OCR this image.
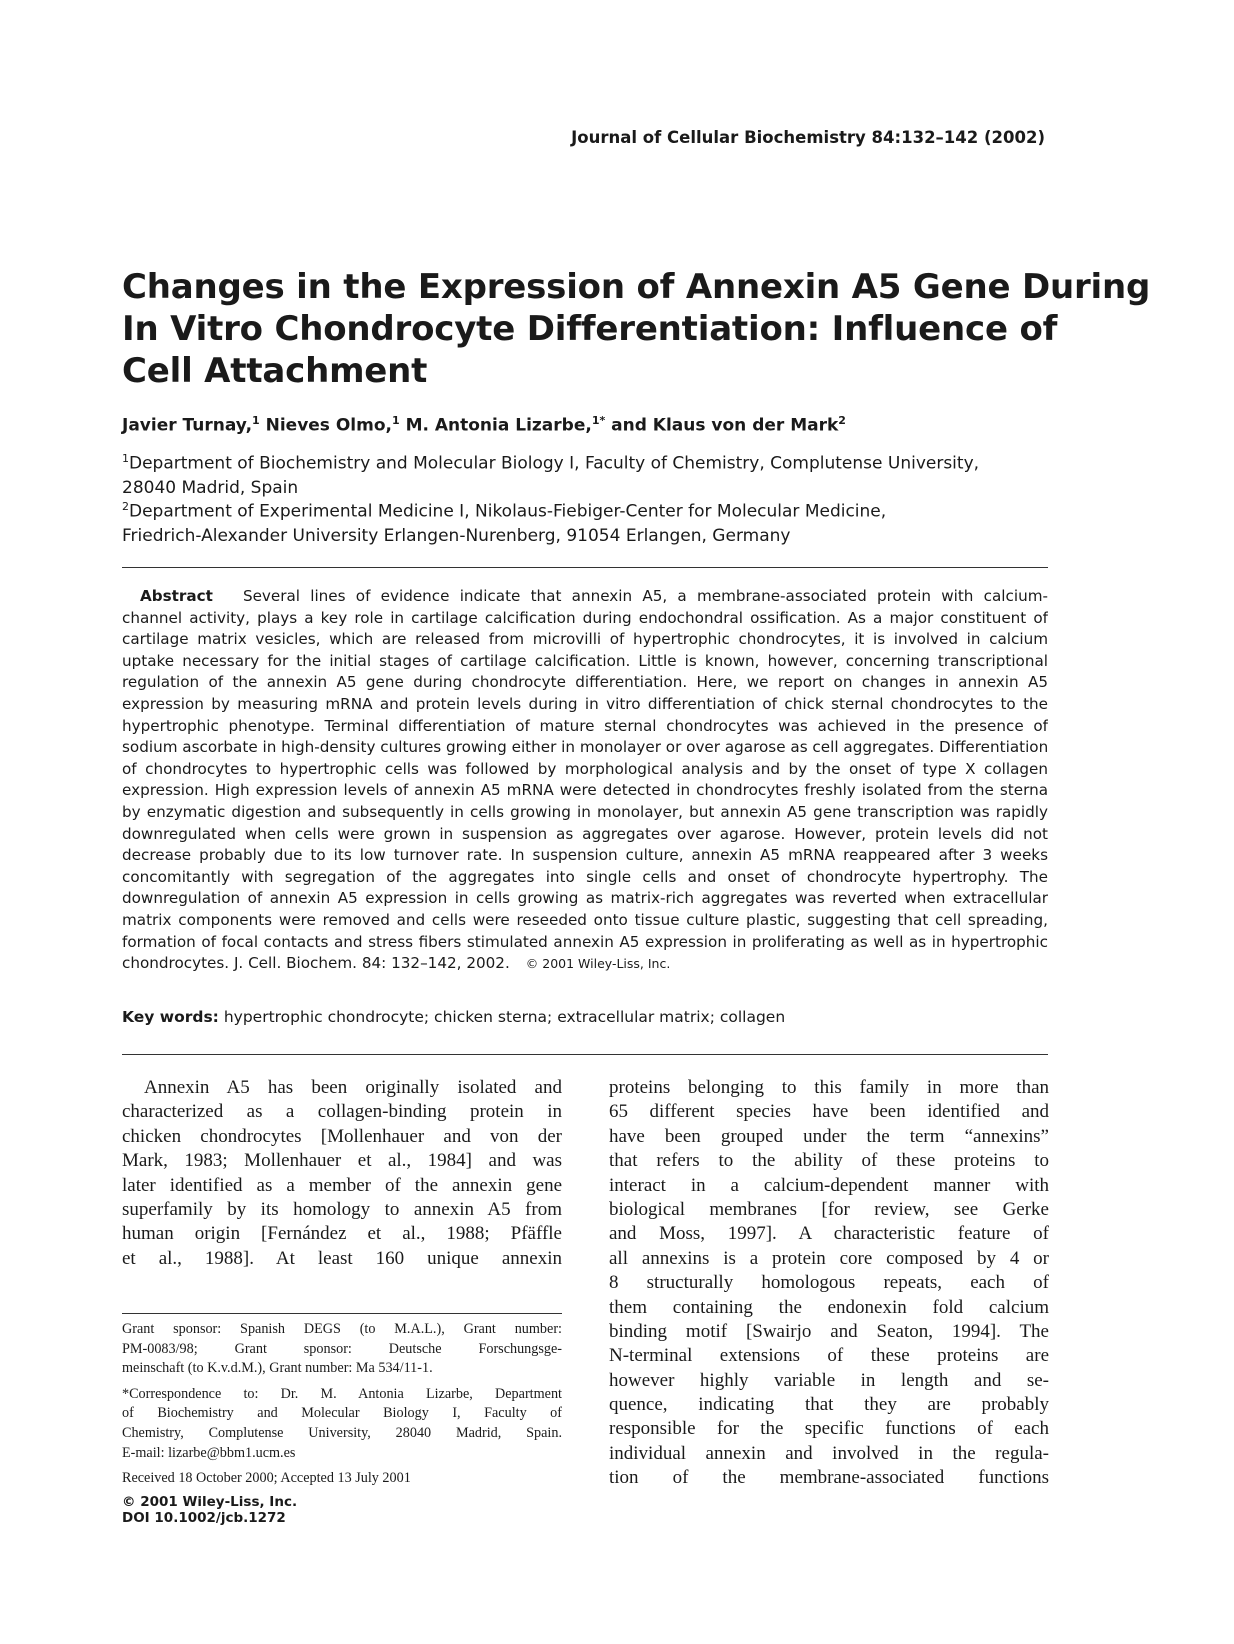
Journal of Cellular Biochemistry 84:132–142 (2002)
Changes in the Expression of Annexin A5 Gene During
In Vitro Chondrocyte Differentiation: Influence of
Cell Attachment
Javier Turnay,$^1$ Nieves Olmo,$^1$ M. Antonia Lizarbe,$^{1*}$ and Klaus von der Mark$^2$
$^1$Department of Biochemistry and Molecular Biology I, Faculty of Chemistry, Complutense University,
28040 Madrid, Spain
$^2$Department of Experimental Medicine I, Nikolaus-Fiebiger-Center for Molecular Medicine,
Friedrich-Alexander University Erlangen-Nurenberg, 91054 Erlangen, Germany
Abstract Several lines of evidence indicate that annexin A5, a membrane-associated protein with calcium-
channel activity, plays a key role in cartilage calcification during endochondral ossification. As a major constituent of
cartilage matrix vesicles, which are released from microvilli of hypertrophic chondrocytes, it is involved in calcium
uptake necessary for the initial stages of cartilage calcification. Little is known, however, concerning transcriptional
regulation of the annexin A5 gene during chondrocyte differentiation. Here, we report on changes in annexin A5
expression by measuring mRNA and protein levels during in vitro differentiation of chick sternal chondrocytes to the
hypertrophic phenotype. Terminal differentiation of mature sternal chondrocytes was achieved in the presence of
sodium ascorbate in high-density cultures growing either in monolayer or over agarose as cell aggregates. Differentiation
of chondrocytes to hypertrophic cells was followed by morphological analysis and by the onset of type X collagen
expression. High expression levels of annexin A5 mRNA were detected in chondrocytes freshly isolated from the sterna
by enzymatic digestion and subsequently in cells growing in monolayer, but annexin A5 gene transcription was rapidly
downregulated when cells were grown in suspension as aggregates over agarose. However, protein levels did not
decrease probably due to its low turnover rate. In suspension culture, annexin A5 mRNA reappeared after 3 weeks
concomitantly with segregation of the aggregates into single cells and onset of chondrocyte hypertrophy. The
downregulation of annexin A5 expression in cells growing as matrix-rich aggregates was reverted when extracellular
matrix components were removed and cells were reseeded onto tissue culture plastic, suggesting that cell spreading,
formation of focal contacts and stress fibers stimulated annexin A5 expression in proliferating as well as in hypertrophic
chondrocytes. J. Cell. Biochem. 84: 132–142, 2002. © 2001 Wiley-Liss, Inc.
Key words: hypertrophic chondrocyte; chicken sterna; extracellular matrix; collagen
Annexin A5 has been originally isolated and
characterized as a collagen-binding protein in
chicken chondrocytes [Mollenhauer and von der
Mark, 1983; Mollenhauer et al., 1984] and was
later identified as a member of the annexin gene
superfamily by its homology to annexin A5 from
human origin [Fernández et al., 1988; Pfäffle
et al., 1988]. At least 160 unique annexin
proteins belonging to this family in more than
65 different species have been identified and
have been grouped under the term “annexins”
that refers to the ability of these proteins to
interact in a calcium-dependent manner with
biological membranes [for review, see Gerke
and Moss, 1997]. A characteristic feature of
all annexins is a protein core composed by 4 or
8 structurally homologous repeats, each of
them containing the endonexin fold calcium
binding motif [Swairjo and Seaton, 1994]. The
N-terminal extensions of these proteins are
however highly variable in length and se-
quence, indicating that they are probably
responsible for the specific functions of each
individual annexin and involved in the regula-
tion of the membrane-associated functions
Grant sponsor: Spanish DEGS (to M.A.L.), Grant number:
PM-0083/98; Grant sponsor: Deutsche Forschungsge-
meinschaft (to K.v.d.M.), Grant number: Ma 534/11-1.
*Correspondence to: Dr. M. Antonia Lizarbe, Department
of Biochemistry and Molecular Biology I, Faculty of
Chemistry, Complutense University, 28040 Madrid, Spain.
E-mail: lizarbe@bbm1.ucm.es
Received 18 October 2000; Accepted 13 July 2001
© 2001 Wiley-Liss, Inc.
DOI 10.1002/jcb.1272
